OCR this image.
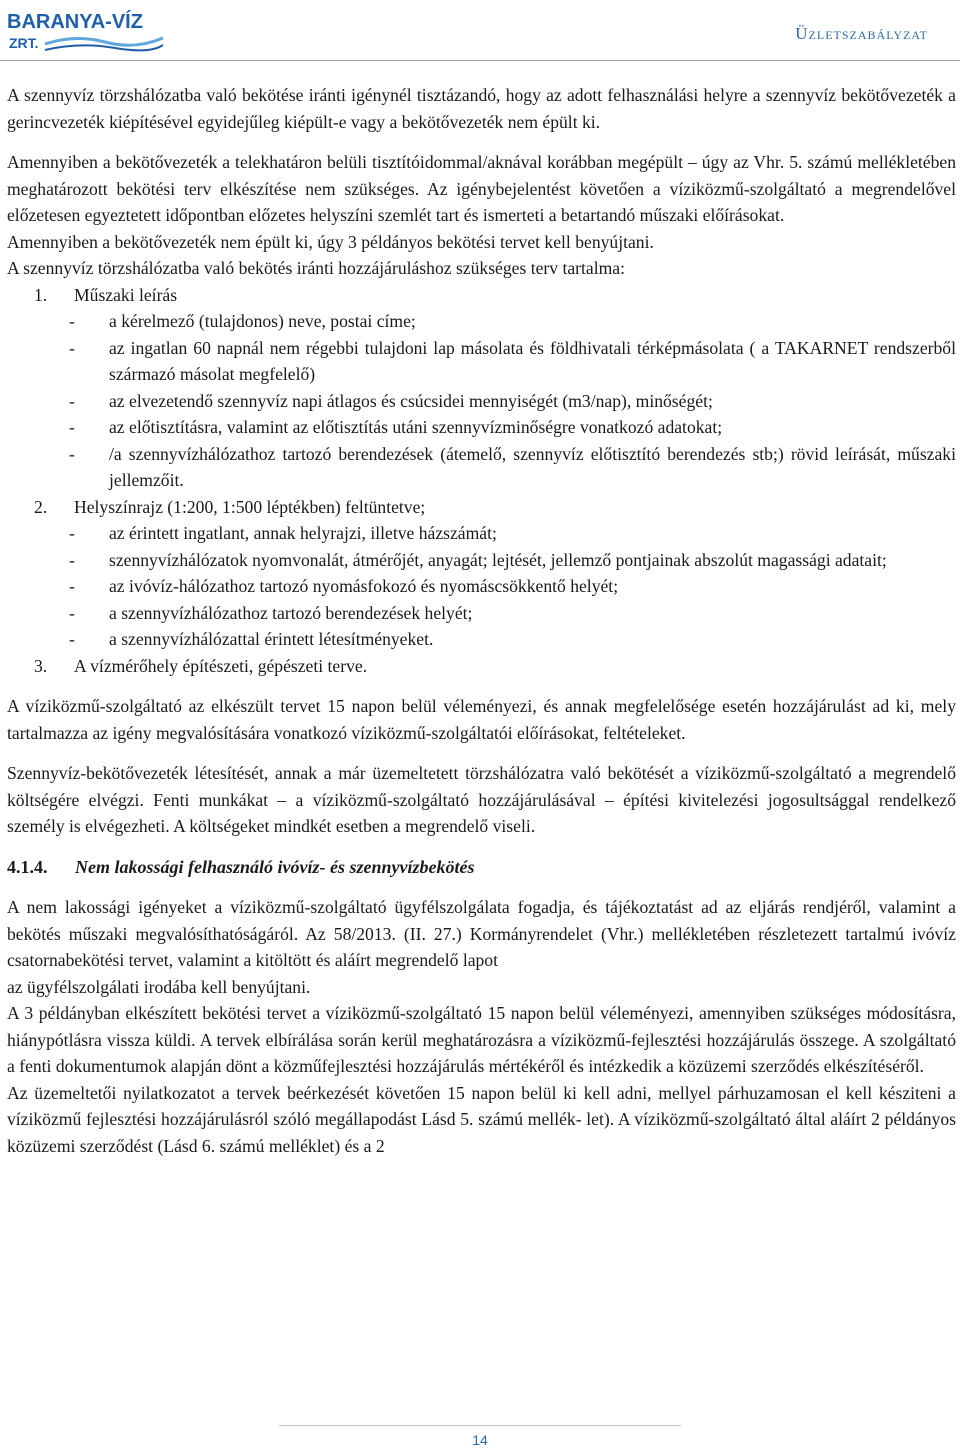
BARANYA-VÍZ
ZRT.	Üzletszabályzat

A szennyvíz törzshálózatba való bekötése iránti igénynél tisztázandó, hogy az adott felhasználási helyre a szennyvíz bekötővezeték a gerincvezeték kiépítésével egyidejűleg kiépült-e vagy a bekötővezeték nem épült ki.

Amennyiben a bekötővezeték a telekhatáron belüli tisztítóidommal/aknával korábban megépült – úgy az Vhr. 5. számú mellékletében meghatározott bekötési terv elkészítése nem szükséges. Az igénybejelentést követően a víziközmű-szolgáltató a megrendelővel előzetesen egyeztetett időpontban előzetes helyszíni szemlét tart és ismerteti a betartandó műszaki előírásokat.

Amennyiben a bekötővezeték nem épült ki, úgy 3 példányos bekötési tervet kell benyújtani.

A szennyvíz törzshálózatba való bekötés iránti hozzájáruláshoz szükséges terv tartalma:

1.	Műszaki leírás
-	a kérelmező (tulajdonos) neve, postai címe;
-	az ingatlan 60 napnál nem régebbi tulajdoni lap másolata és földhivatali térképmásolata ( a TAKARNET rendszerből származó másolat megfelelő)
-	az elvezetendő szennyvíz napi átlagos és csúcsidei mennyiségét (m3/nap), minőségét;
-	az előtisztításra, valamint az előtisztítás utáni szennyvízminőségre vonatkozó adatokat;
-	/a szennyvízhálózathoz tartozó berendezések (átemelő, szennyvíz előtisztító berendezés stb;) rövid leírását, műszaki jellemzőit.
2.	Helyszínrajz (1:200, 1:500 léptékben) feltüntetve;
-	az érintett ingatlant, annak helyrajzi, illetve házszámát;
-	szennyvízhálózatok nyomvonalát, átmérőjét, anyagát; lejtését, jellemző pontjainak abszolút magassági adatait;
-	az ivóvíz-hálózathoz tartozó nyomásfokozó és nyomáscsökkentő helyét;
-	a szennyvízhálózathoz tartozó berendezések helyét;
-	a szennyvízhálózattal érintett létesítményeket.
3.	A vízmérőhely építészeti, gépészeti terve.

A víziközmű-szolgáltató az elkészült tervet 15 napon belül véleményezi, és annak megfelelősége esetén hozzájárulást ad ki, mely tartalmazza az igény megvalósítására vonatkozó víziközmű-szolgáltatói előírásokat, feltételeket.

Szennyvíz-bekötővezeték létesítését, annak a már üzemeltetett törzshálózatra való bekötését a víziközmű-szolgáltató a megrendelő költségére elvégzi. Fenti munkákat – a víziközmű-szolgáltató hozzájárulásával – építési kivitelezési jogosultsággal rendelkező személy is elvégezheti. A költségeket mindkét esetben a megrendelő viseli.

4.1.4.	Nem lakossági felhasználó ivóvíz- és szennyvízbekötés

A nem lakossági igényeket a víziközmű-szolgáltató ügyfélszolgálata fogadja, és tájékoztatást ad az eljárás rendjéről, valamint a bekötés műszaki megvalósíthatóságáról. Az 58/2013. (II. 27.) Kormányrendelet (Vhr.) mellékletében részletezett tartalmú ivóvíz csatornabekötési tervet, valamint a kitöltött és aláírt megrendelő lapot

az ügyfélszolgálati irodába kell benyújtani.

A 3 példányban elkészített bekötési tervet a víziközmű-szolgáltató 15 napon belül véleményezi, amennyiben szükséges módosításra, hiánypótlásra vissza küldi. A tervek elbírálása során kerül meghatározásra a víziközmű-fejlesztési hozzájárulás összege. A szolgáltató a fenti dokumentumok alapján dönt a közműfejlesztési hozzájárulás mértékéről és intézkedik a közüzemi szerződés elkészítéséről.

Az üzemeltetői nyilatkozatot a tervek beérkezését követően 15 napon belül ki kell adni, mellyel párhuzamosan el kell késziteni a víziközmű fejlesztési hozzájárulásról szóló megállapodást Lásd 5. számú mellék- let). A víziközmű-szolgáltató által aláírt 2 példányos közüzemi szerződést (Lásd 6. számú melléklet) és a 2

14
